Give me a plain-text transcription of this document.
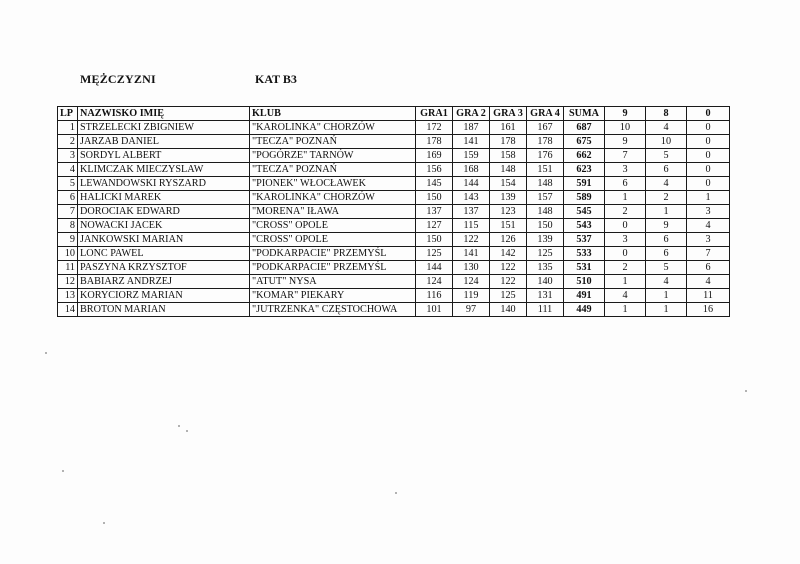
MĘŻCZYZNI	KAT B3
LP	NAZWISKO IMIĘ	KLUB	GRA1	GRA 2	GRA 3	GRA 4	SUMA	9	8	0
1	STRZELECKI ZBIGNIEW	"KAROLINKA" CHORZÓW	172	187	161	167	687	10	4	0
2	JARZAB DANIEL	"TECZA" POZNAŃ	178	141	178	178	675	9	10	0
3	SORDYL ALBERT	"POGÓRZE" TARNÓW	169	159	158	176	662	7	5	0
4	KLIMCZAK MIECZYSLAW	"TECZA" POZNAŃ	156	168	148	151	623	3	6	0
5	LEWANDOWSKI RYSZARD	"PIONEK" WŁOCŁAWEK	145	144	154	148	591	6	4	0
6	HALICKI MAREK	"KAROLINKA" CHORZÓW	150	143	139	157	589	1	2	1
7	DOROCIAK EDWARD	"MORENA" IŁAWA	137	137	123	148	545	2	1	3
8	NOWACKI JACEK	"CROSS" OPOLE	127	115	151	150	543	0	9	4
9	JANKOWSKI MARIAN	"CROSS" OPOLE	150	122	126	139	537	3	6	3
10	LONC PAWEL	"PODKARPACIE" PRZEMYŚL	125	141	142	125	533	0	6	7
11	PASZYNA KRZYSZTOF	"PODKARPACIE" PRZEMYŚL	144	130	122	135	531	2	5	6
12	BABIARZ ANDRZEJ	"ATUT" NYSA	124	124	122	140	510	1	4	4
13	KORYCIORZ MARIAN	"KOMAR" PIEKARY	116	119	125	131	491	4	1	11
14	BROTON MARIAN	"JUTRZENKA" CZĘSTOCHOWA	101	97	140	111	449	1	1	16
